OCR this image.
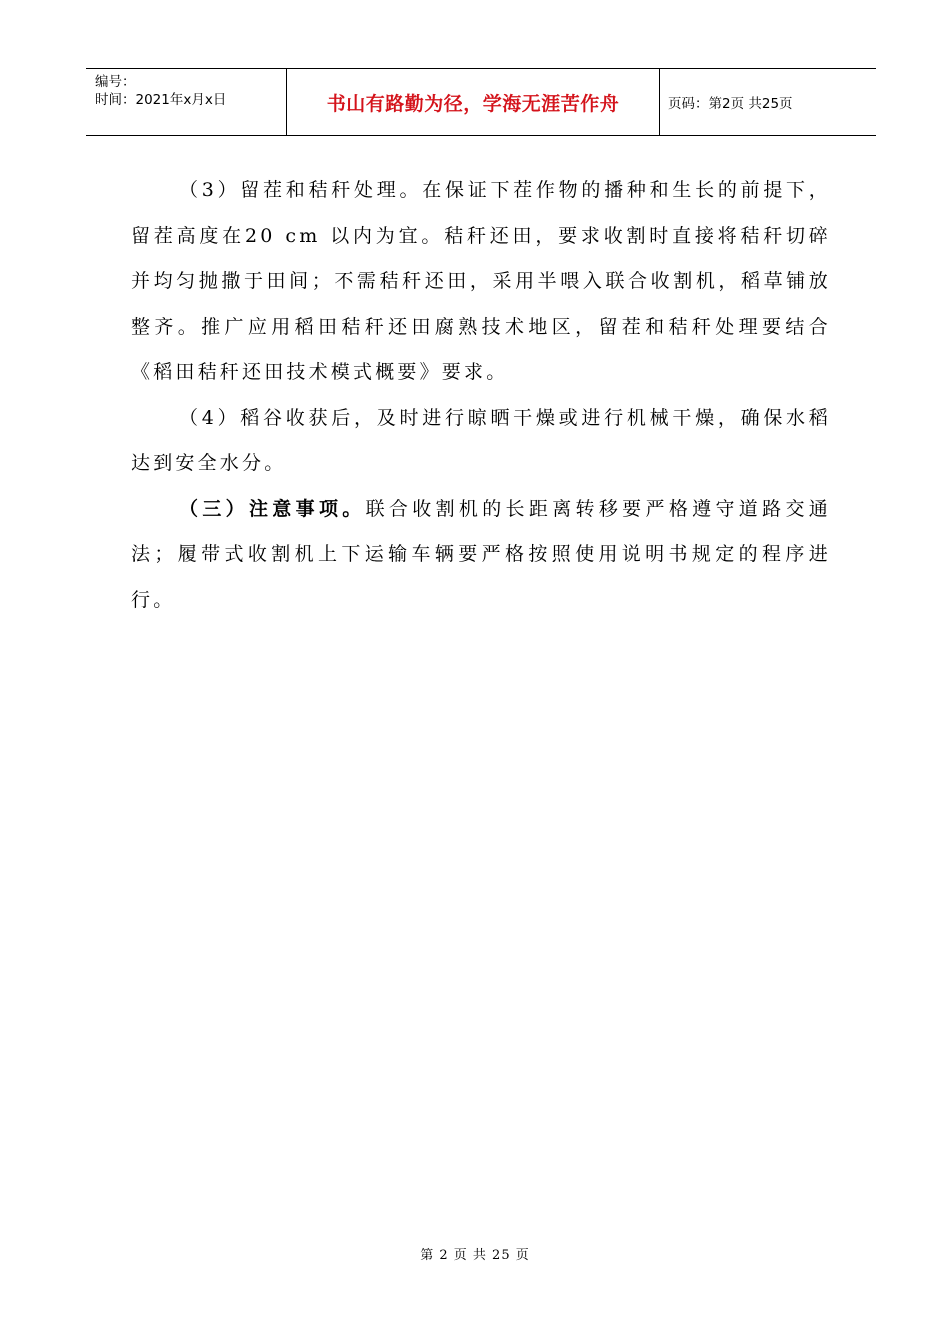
编号：
时间：2021年x月x日	书山有路勤为径，学海无涯苦作舟	页码：第2页 共25页

（3）留茬和秸秆处理。在保证下茬作物的播种和生长的前提下，留茬高度在20 cm 以内为宜。秸秆还田，要求收割时直接将秸秆切碎并均匀抛撒于田间；不需秸秆还田，采用半喂入联合收割机，稻草铺放整齐。推广应用稻田秸秆还田腐熟技术地区，留茬和秸秆处理要结合《稻田秸秆还田技术模式概要》要求。

（4）稻谷收获后，及时进行晾晒干燥或进行机械干燥，确保水稻达到安全水分。

（三）注意事项。联合收割机的长距离转移要严格遵守道路交通法；履带式收割机上下运输车辆要严格按照使用说明书规定的程序进行。

第 2 页 共 25 页
